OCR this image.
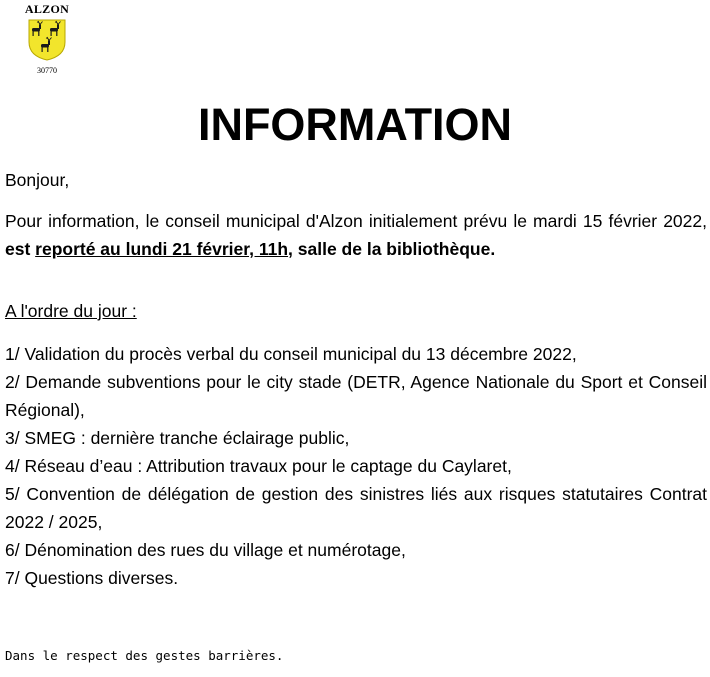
ALZON
30770
INFORMATION

Bonjour,

Pour information, le conseil municipal d'Alzon initialement prévu le mardi 15 février 2022, est reporté au lundi 21 février, 11h, salle de la bibliothèque.

A l'ordre du jour :

1/ Validation du procès verbal du conseil municipal du 13 décembre 2022,
2/ Demande subventions pour le city stade (DETR, Agence Nationale du Sport et Conseil Régional),
3/ SMEG : dernière tranche éclairage public,
4/ Réseau d’eau : Attribution travaux pour le captage du Caylaret,
5/ Convention de délégation de gestion des sinistres liés aux risques statutaires Contrat 2022 / 2025,
6/ Dénomination des rues du village et numérotage,
7/ Questions diverses.

Dans le respect des gestes barrières.
